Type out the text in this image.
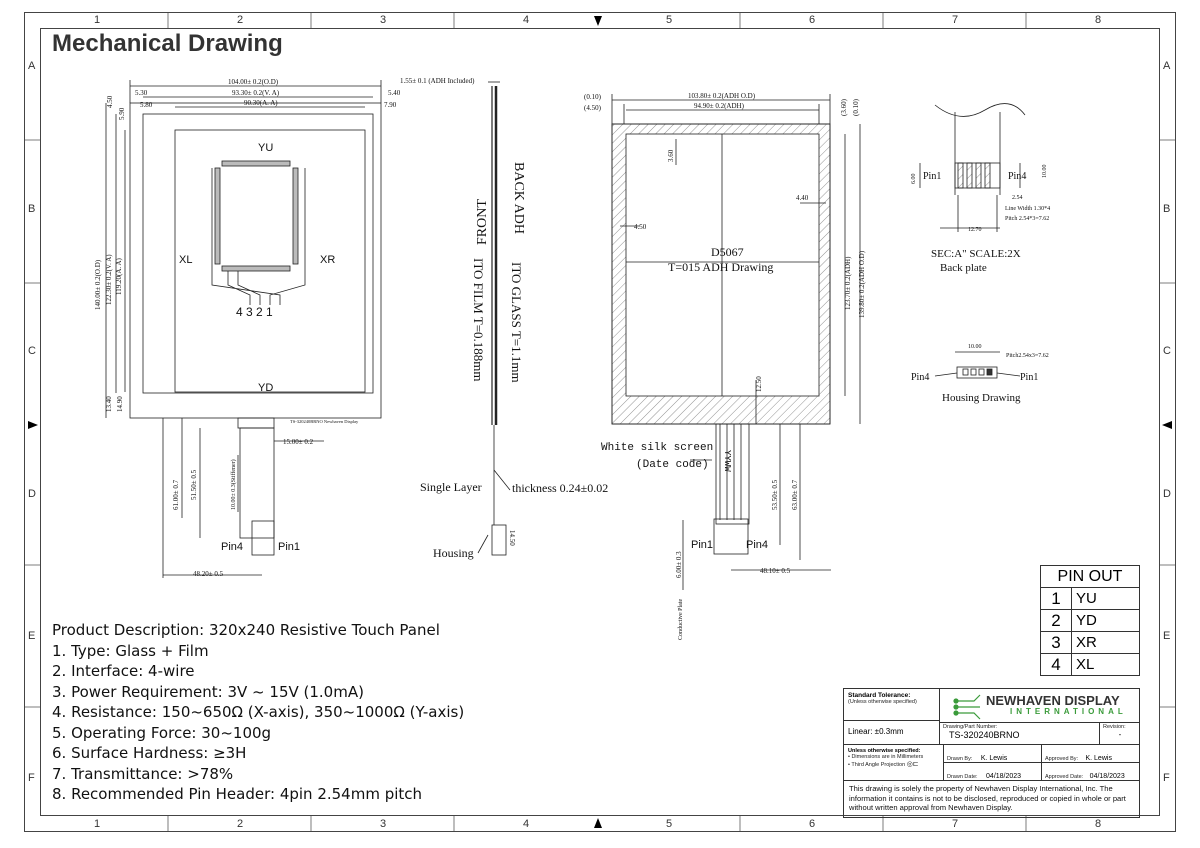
1	2	3	4	5	6	7	8
1	2	3	4	5	6	7	8
A
B
C
D
E
F
A
B
C
D
E
F
Mechanical Drawing
104.00± 0.2(O.D)
93.30± 0.2(V. A)
90.30(A. A)
5.30
5.80
5.40
7.90
4.50
5.90
140.00± 0.2(O.D) 122.30± 0.2(V. A) 119.20(A. A)
13.40 14.90
15.00± 0.2
61.00± 0.7 51.50± 0.5	10.00± 0.3(Stiffener)
48.20± 0.5
TS-320240BRNO Newhaven Display
YU
YD
XL	XR
4 3 2 1
Pin4	Pin1
1.55± 0.1 (ADH Included)
FRONT BACK ADH
ITO FILM T=0.188mm ITO GLASS T=1.1mm
Single Layer	thickness 0.24±0.02
Housing
14.50
(0.10)
(4.50)
103.80± 0.2(ADH O.D)
94.90± 0.2(ADH)	(3.60) (0.10)
3.60
4.40
4.50
12.50
123.70± 0.2(ADH) 139.80± 0.2(ADH O.D)
53.50± 0.5 63.00± 0.7
48.10± 0.5
6.00± 0.3
Conductive Plate
D5067
T=015 ADH Drawing
White silk screen
(Date code) YYWW
Pin1	Pin4
Pin1	Pin4
6.00
10.00
2.54
Line Width 1.30*4
Pitch 2.54*3=7.62
12.70
SEC:A" SCALE:2X
Back plate
10.00
Pitch2.54x3=7.62
Pin4	Pin1
Housing Drawing
Product Description: 320x240 Resistive Touch Panel
1. Type: Glass + Film
2. Interface: 4-wire
3. Power Requirement: 3V ~ 15V (1.0mA)
4. Resistance: 150~650Ω (X-axis), 350~1000Ω (Y-axis)
5. Operating Force: 30~100g
6. Surface Hardness: ≥3H
7. Transmittance: >78%
8. Recommended Pin Header: 4pin 2.54mm pitch
PIN OUT	
1	YU
2	YD
3	XR
4	XL
Standard Tolerance:
(Unless otherwise specified)
Linear: ±0.3mm
NEWHAVEN DISPLAY
INTERNATIONAL
Drawing/Part Number:
TS-320240BRNO
Revision:
-
Unless otherwise specified:
• Dimensions are in Millimeters
• Third Angle Projection ◎⊏
Drawn By: K. Lewis	Approved By: K. Lewis
Drawn Date: 04/18/2023	Approved Date: 04/18/2023
This drawing is solely the property of Newhaven Display International, Inc. The information it contains is not to be disclosed, reproduced or copied in whole or part without written approval from Newhaven Display.
